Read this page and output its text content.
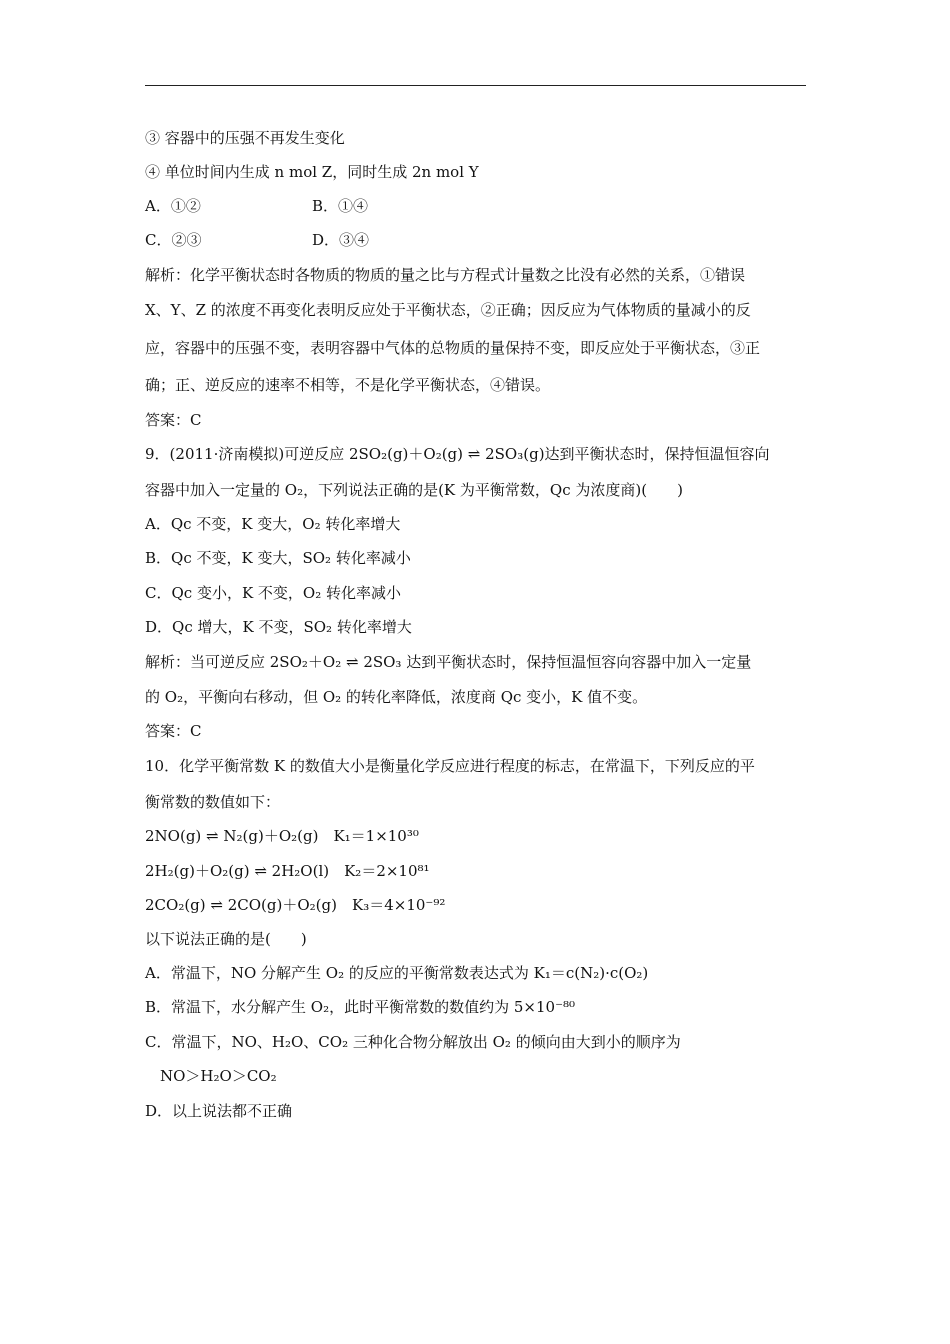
③ 容器中的压强不再发生变化
④ 单位时间内生成 n mol Z，同时生成 2n mol Y
A．①②	B．①④
C．②③	D．③④
解析：化学平衡状态时各物质的物质的量之比与方程式计量数之比没有必然的关系，①错误
X、Y、Z 的浓度不再变化表明反应处于平衡状态，②正确；因反应为气体物质的量减小的反
应，容器中的压强不变，表明容器中气体的总物质的量保持不变，即反应处于平衡状态，③正
确；正、逆反应的速率不相等，不是化学平衡状态，④错误。
答案：C
9．(2011·济南模拟)可逆反应 2SO₂(g)＋O₂(g) ⇌ 2SO₃(g)达到平衡状态时，保持恒温恒容向
容器中加入一定量的 O₂，下列说法正确的是(K 为平衡常数，Qc 为浓度商)(　　)
A．Qc 不变，K 变大，O₂ 转化率增大
B．Qc 不变，K 变大，SO₂ 转化率减小
C．Qc 变小，K 不变，O₂ 转化率减小
D．Qc 增大，K 不变，SO₂ 转化率增大
解析：当可逆反应 2SO₂＋O₂ ⇌ 2SO₃ 达到平衡状态时，保持恒温恒容向容器中加入一定量
的 O₂，平衡向右移动，但 O₂ 的转化率降低，浓度商 Qc 变小，K 值不变。
答案：C
10．化学平衡常数 K 的数值大小是衡量化学反应进行程度的标志，在常温下，下列反应的平
衡常数的数值如下：
2NO(g) ⇌ N₂(g)＋O₂(g)　K₁＝1×10³⁰
2H₂(g)＋O₂(g) ⇌ 2H₂O(l)　K₂＝2×10⁸¹
2CO₂(g) ⇌ 2CO(g)＋O₂(g)　K₃＝4×10⁻⁹²
以下说法正确的是(　　)
A．常温下，NO 分解产生 O₂ 的反应的平衡常数表达式为 K₁＝c(N₂)·c(O₂)
B．常温下，水分解产生 O₂，此时平衡常数的数值约为 5×10⁻⁸⁰
C．常温下，NO、H₂O、CO₂ 三种化合物分解放出 O₂ 的倾向由大到小的顺序为
NO＞H₂O＞CO₂
D．以上说法都不正确
